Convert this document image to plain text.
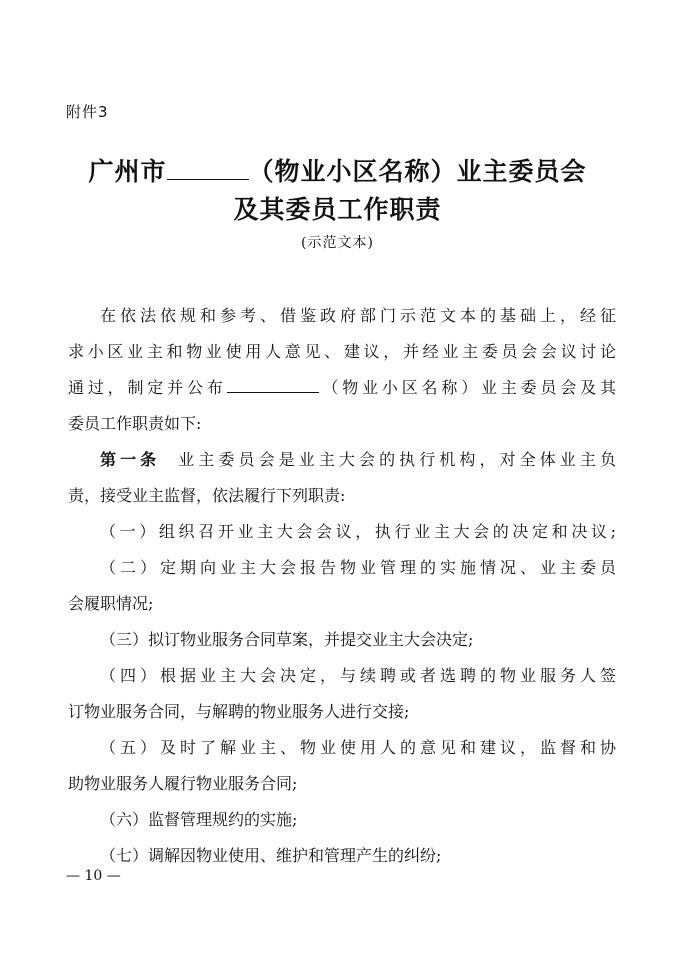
附件3
广州市	（物业小区名称）业主委员会
及其委员工作职责
(示范文本)
在依法依规和参考、借鉴政府部门示范文本的基础上，经征
求小区业主和物业使用人意见、建议，并经业主委员会会议讨论
通过，制定并公布	（物业小区名称）业主委员会及其
委员工作职责如下:
第一条 业主委员会是业主大会的执行机构，对全体业主负
责，接受业主监督，依法履行下列职责:
（一）组织召开业主大会会议，执行业主大会的决定和决议;
（二）定期向业主大会报告物业管理的实施情况、业主委员
会履职情况;
（三）拟订物业服务合同草案，并提交业主大会决定;
（四）根据业主大会决定，与续聘或者选聘的物业服务人签
订物业服务合同，与解聘的物业服务人进行交接;
（五）及时了解业主、物业使用人的意见和建议，监督和协
助物业服务人履行物业服务合同;
（六）监督管理规约的实施;
（七）调解因物业使用、维护和管理产生的纠纷;
— 10 —
